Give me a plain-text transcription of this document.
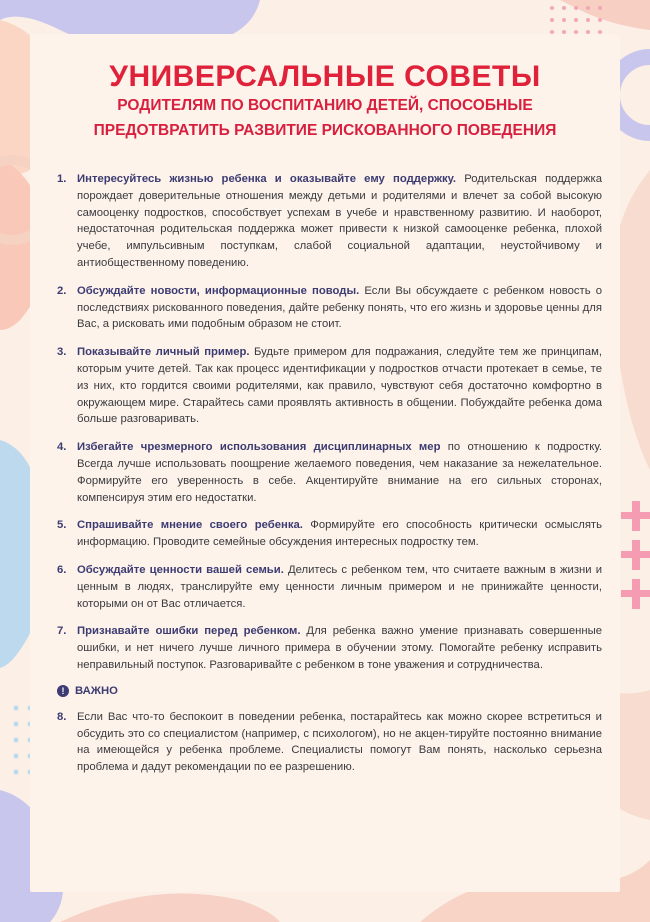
УНИВЕРСАЛЬНЫЕ СОВЕТЫ
РОДИТЕЛЯМ ПО ВОСПИТАНИЮ ДЕТЕЙ, СПОСОБНЫЕ
ПРЕДОТВРАТИТЬ РАЗВИТИЕ РИСКОВАННОГО ПОВЕДЕНИЯ
1. Интересуйтесь жизнью ребенка и оказывайте ему поддержку. Родительская поддержка порождает доверительные отношения между детьми и родителями и влечет за собой высокую самооценку подростков, способствует успехам в учебе и нравственному развитию. И наоборот, недостаточная родительская поддержка может привести к низкой самооценке ребенка, плохой учебе, импульсивным поступкам, слабой социальной адаптации, неустойчивому и антиобщественному поведению.
2. Обсуждайте новости, информационные поводы. Если Вы обсуждаете с ребенком новость о последствиях рискованного поведения, дайте ребенку понять, что его жизнь и здоровье ценны для Вас, а рисковать ими подобным образом не стоит.
3. Показывайте личный пример. Будьте примером для подражания, следуйте тем же принципам, которым учите детей. Так как процесс идентификации у подростков отчасти протекает в семье, те из них, кто гордится своими родителями, как правило, чувствуют себя достаточно комфортно в окружающем мире. Старайтесь сами проявлять активность в общении. Побуждайте ребенка дома больше разговаривать.
4. Избегайте чрезмерного использования дисциплинарных мер по отношению к подростку. Всегда лучше использовать поощрение желаемого поведения, чем наказание за нежелательное. Формируйте его уверенность в себе. Акцентируйте внимание на его сильных сторонах, компенсируя этим его недостатки.
5. Спрашивайте мнение своего ребенка. Формируйте его способность критически осмыслять информацию. Проводите семейные обсуждения интересных подростку тем.
6. Обсуждайте ценности вашей семьи. Делитесь с ребенком тем, что считаете важным в жизни и ценным в людях, транслируйте ему ценности личным примером и не принижайте ценности, которыми он от Вас отличается.
7. Признавайте ошибки перед ребенком. Для ребенка важно умение признавать совершенные ошибки, и нет ничего лучше личного примера в обучении этому. Помогайте ребенку исправить неправильный поступок. Разговаривайте с ребенком в тоне уважения и сотрудничества.
! ВАЖНО
8. Если Вас что-то беспокоит в поведении ребенка, постарайтесь как можно скорее встретиться и обсудить это со специалистом (например, с психологом), но не акцен-тируйте постоянно внимание на имеющейся у ребенка проблеме. Специалисты помогут Вам понять, насколько серьезна проблема и дадут рекомендации по ее разрешению.
